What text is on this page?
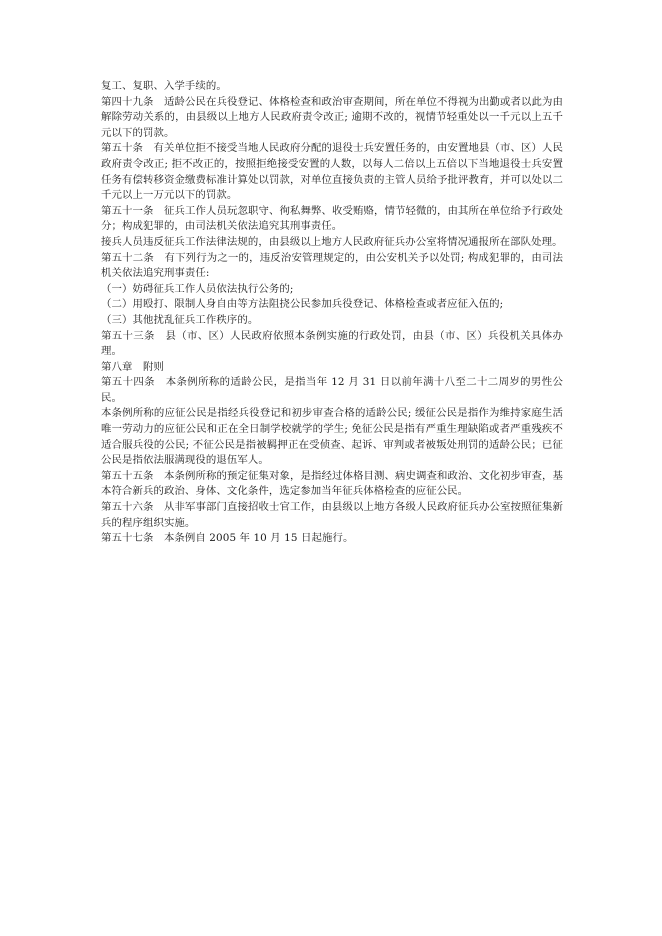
复工、复职、入学手续的。

第四十九条　适龄公民在兵役登记、体格检查和政治审查期间，所在单位不得视为出勤或者以此为由解除劳动关系的，由县级以上地方人民政府责令改正; 逾期不改的，视情节轻重处以一千元以上五千元以下的罚款。

第五十条　有关单位拒不接受当地人民政府分配的退役士兵安置任务的，由安置地县（市、区）人民政府责令改正; 拒不改正的，按照拒绝接受安置的人数，以每人二倍以上五倍以下当地退役士兵安置任务有偿转移资金缴费标准计算处以罚款，对单位直接负责的主管人员给予批评教育，并可以处以二千元以上一万元以下的罚款。

第五十一条　征兵工作人员玩忽职守、徇私舞弊、收受贿赂，情节轻微的，由其所在单位给予行政处分；构成犯罪的，由司法机关依法追究其刑事责任。

接兵人员违反征兵工作法律法规的，由县级以上地方人民政府征兵办公室将情况通报所在部队处理。

第五十二条　有下列行为之一的，违反治安管理规定的，由公安机关予以处罚; 构成犯罪的，由司法机关依法追究刑事责任:

（一）妨碍征兵工作人员依法执行公务的;

（二）用殴打、限制人身自由等方法阻挠公民参加兵役登记、体格检查或者应征入伍的;

（三）其他扰乱征兵工作秩序的。

第五十三条　县（市、区）人民政府依照本条例实施的行政处罚，由县（市、区）兵役机关具体办理。

第八章　附则

第五十四条　本条例所称的适龄公民，是指当年 12 月 31 日以前年满十八至二十二周岁的男性公民。

本条例所称的应征公民是指经兵役登记和初步审查合格的适龄公民; 缓征公民是指作为维持家庭生活唯一劳动力的应征公民和正在全日制学校就学的学生; 免征公民是指有严重生理缺陷或者严重残疾不适合服兵役的公民; 不征公民是指被羁押正在受侦查、起诉、审判或者被叛处刑罚的适龄公民；已征公民是指依法服满现役的退伍军人。

第五十五条　本条例所称的预定征集对象，是指经过体格目测、病史调查和政治、文化初步审查，基本符合新兵的政治、身体、文化条件，选定参加当年征兵体格检查的应征公民。

第五十六条　从非军事部门直接招收士官工作，由县级以上地方各级人民政府征兵办公室按照征集新兵的程序组织实施。

第五十七条　本条例自 2005 年 10 月 15 日起施行。
